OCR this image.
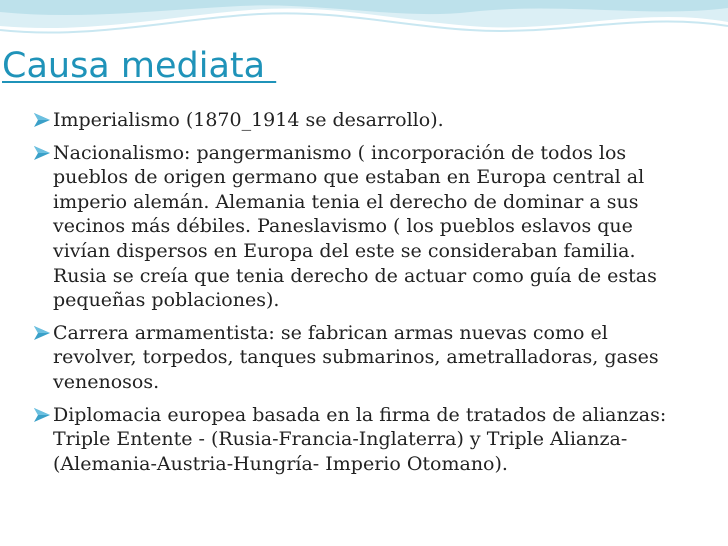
Causa mediata
Imperialismo (1870_1914 se desarrollo).
Nacionalismo: pangermanismo ( incorporación de todos los pueblos de origen germano que estaban en Europa central al imperio alemán. Alemania tenia el derecho de dominar a sus vecinos más débiles. Paneslavismo ( los pueblos eslavos que vivían dispersos en Europa del este se consideraban familia. Rusia se creía que tenia derecho de actuar como guía de estas pequeñas poblaciones).
Carrera armamentista: se fabrican armas nuevas como el revolver, torpedos, tanques submarinos, ametralladoras, gases venenosos.
Diplomacia europea basada en la firma de tratados de alianzas: Triple Entente - (Rusia-Francia-Inglaterra) y Triple Alianza- (Alemania-Austria-Hungría- Imperio Otomano).
